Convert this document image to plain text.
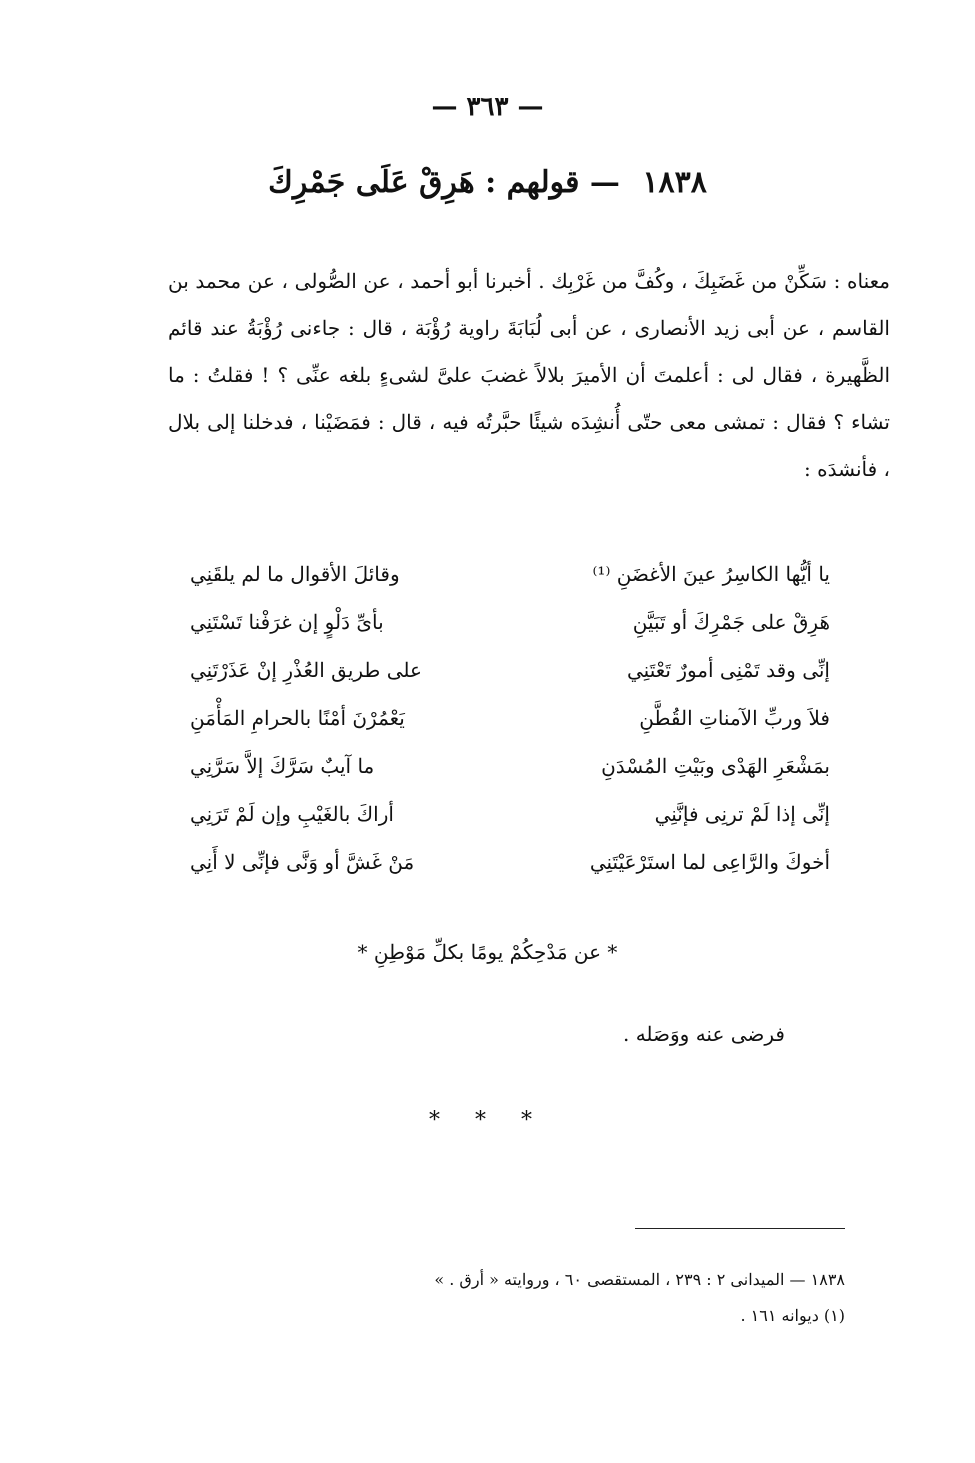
— ٣٦٣ —
١٨٣٨ — قولهم : هَرِقْ عَلَى جَمْرِكَ

معناه : سَكِّنْ من غَضَبِكَ ، وكُفَّ من غَرْبِك . أخبرنا أبو أحمد ، عن الصُّولى ، عن محمد بن القاسم ، عن أبى زيد الأنصارى ، عن أبى لُبَابَةَ راوية رُؤْبَة ، قال : جاءنى رُؤْبَةُ عند قائم الظَّهيرة ، فقال لى : أعلمتَ أن الأميرَ بلالاً غضبَ علىَّ لشىءٍ بلغه عنِّى ؟ ! فقلتُ : ما تشاء ؟ فقال : تمشى معى حتّى أُنشِدَه شيئًا حبَّرتُه فيه ، قال : فمَضَيْنا ، فدخلنا إلى بلال ، فأنشدَه :

يا أيُّها الكاسِرُ عينَ الأغضَنِ ⁽¹⁾
وقائلَ الأقوال ما لم يلقَنِي
هَرِقْ على جَمْرِكَ أو تَبَيَّنِ
بأىِّ دَلْوٍ إن غرَفْنا تَسْتَنِي
إنِّى وقد تَمْنِى أمورٌ تَعْتَنِي
على طريق العُذْرِ إنْ عَذَرْتَنِي
فلاَ وربِّ الآمناتِ القُطَّنِ
يَعْمُرْنَ أمْنًا بالحرامِ المَأْمَنِ
بمَشْعَرِ الهَدْى وبَيْتِ المُسْدَنِ
ما آيبٌ سَرَّكَ إلاَّ سَرَّنِي
إنِّى إذا لَمْ ترنِى فإنَّنِي
أراكَ بالغَيْبِ وإن لَمْ تَرَنِي
أخوكَ والرَّاعِى لما استَرْعَيْتَنِي
مَنْ غَشَّ أو وَنَّى فإنِّى لا أَنِي
* عن مَدْحِكُمْ يومًا بكلِّ مَوْطِنِ *
فرضى عنه ووَصَله .
* * *
١٨٣٨ — الميدانى ٢ : ٢٣٩ ، المستقصى ٦٠ ، وروايته « أرق . »
(١) ديوانه ١٦١ .
